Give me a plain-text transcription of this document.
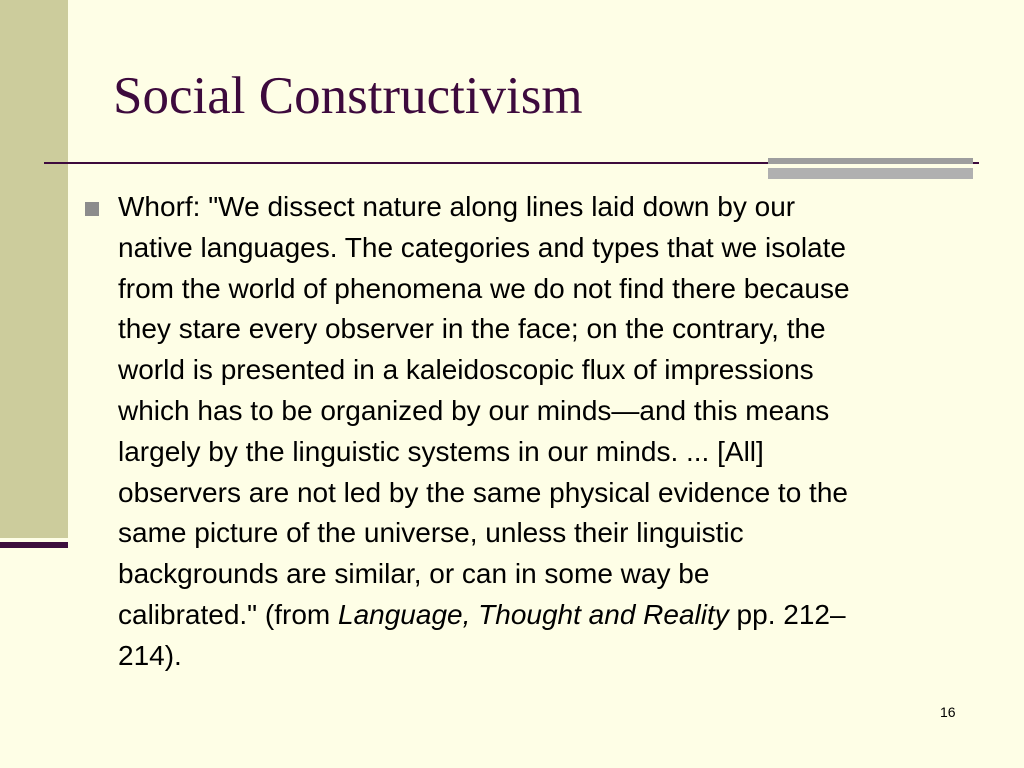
Social Constructivism

Whorf: "We dissect nature along lines laid down by our
native languages. The categories and types that we isolate
from the world of phenomena we do not find there because
they stare every observer in the face; on the contrary, the
world is presented in a kaleidoscopic flux of impressions
which has to be organized by our minds—and this means
largely by the linguistic systems in our minds. ... [All]
observers are not led by the same physical evidence to the
same picture of the universe, unless their linguistic
backgrounds are similar, or can in some way be
calibrated." (from Language, Thought and Reality pp. 212–
214).

16
